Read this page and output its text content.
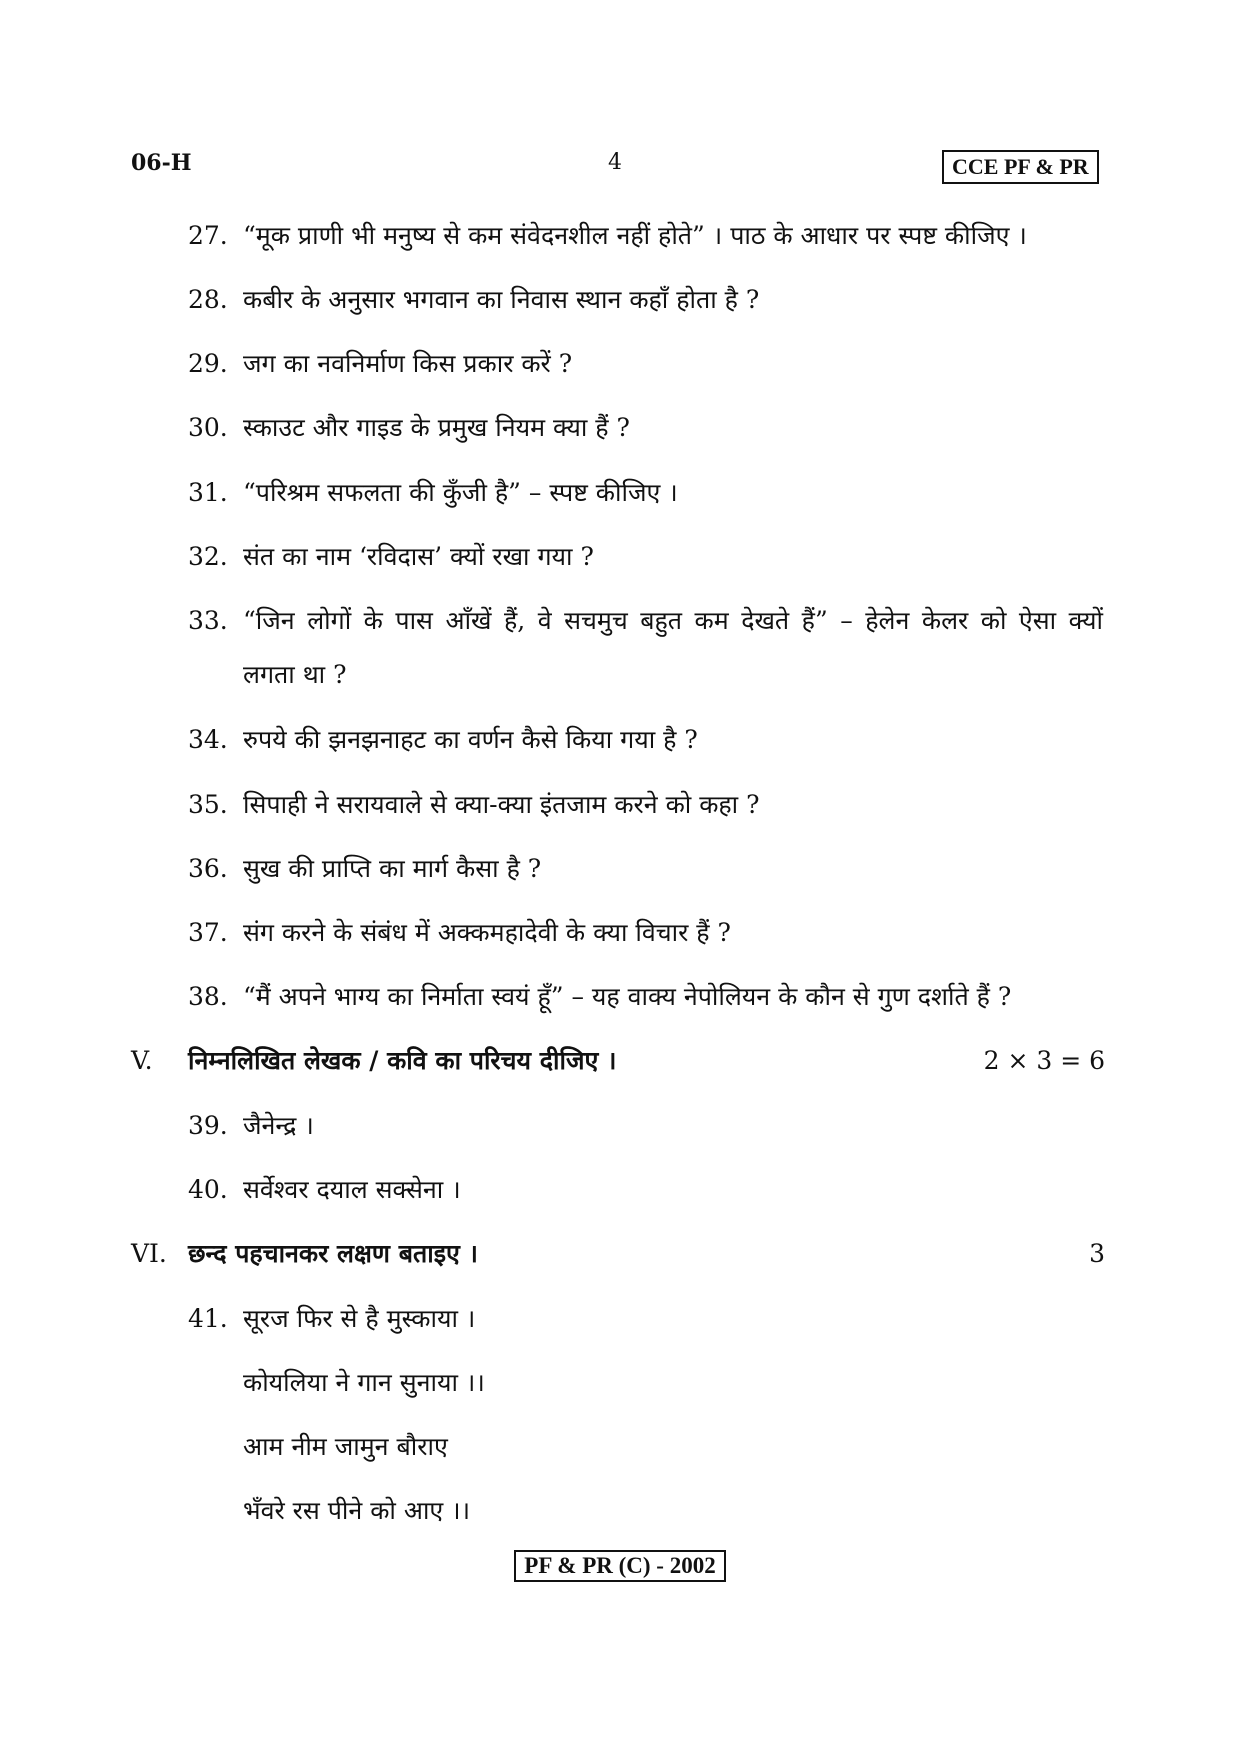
06-H	4	CCE PF & PR
27. “मूक प्राणी भी मनुष्य से कम संवेदनशील नहीं होते” । पाठ के आधार पर स्पष्ट कीजिए ।
28. कबीर के अनुसार भगवान का निवास स्थान कहाँ होता है ?
29. जग का नवनिर्माण किस प्रकार करें ?
30. स्काउट और गाइड के प्रमुख नियम क्या हैं ?
31. “परिश्रम सफलता की कुँजी है” – स्पष्ट कीजिए ।
32. संत का नाम ‘रविदास’ क्यों रखा गया ?
33. “जिन लोगों के पास आँखें हैं, वे सचमुच बहुत कम देखते हैं” – हेलेन केलर को ऐसा क्यों
लगता था ?
34. रुपये की झनझनाहट का वर्णन कैसे किया गया है ?
35. सिपाही ने सरायवाले से क्या-क्या इंतजाम करने को कहा ?
36. सुख की प्राप्ति का मार्ग कैसा है ?
37. संग करने के संबंध में अक्कमहादेवी के क्या विचार हैं ?
38. “मैं अपने भाग्य का निर्माता स्वयं हूँ” – यह वाक्य नेपोलियन के कौन से गुण दर्शाते हैं ?
V. निम्नलिखित लेखक / कवि का परिचय दीजिए ।	2 × 3 = 6
39. जैनेन्द्र ।
40. सर्वेश्वर दयाल सक्सेना ।
VI. छन्द पहचानकर लक्षण बताइए ।	3
41. सूरज फिर से है मुस्काया ।
कोयलिया ने गान सुनाया ।।
आम नीम जामुन बौराए
भँवरे रस पीने को आए ।।
PF & PR (C) - 2002
